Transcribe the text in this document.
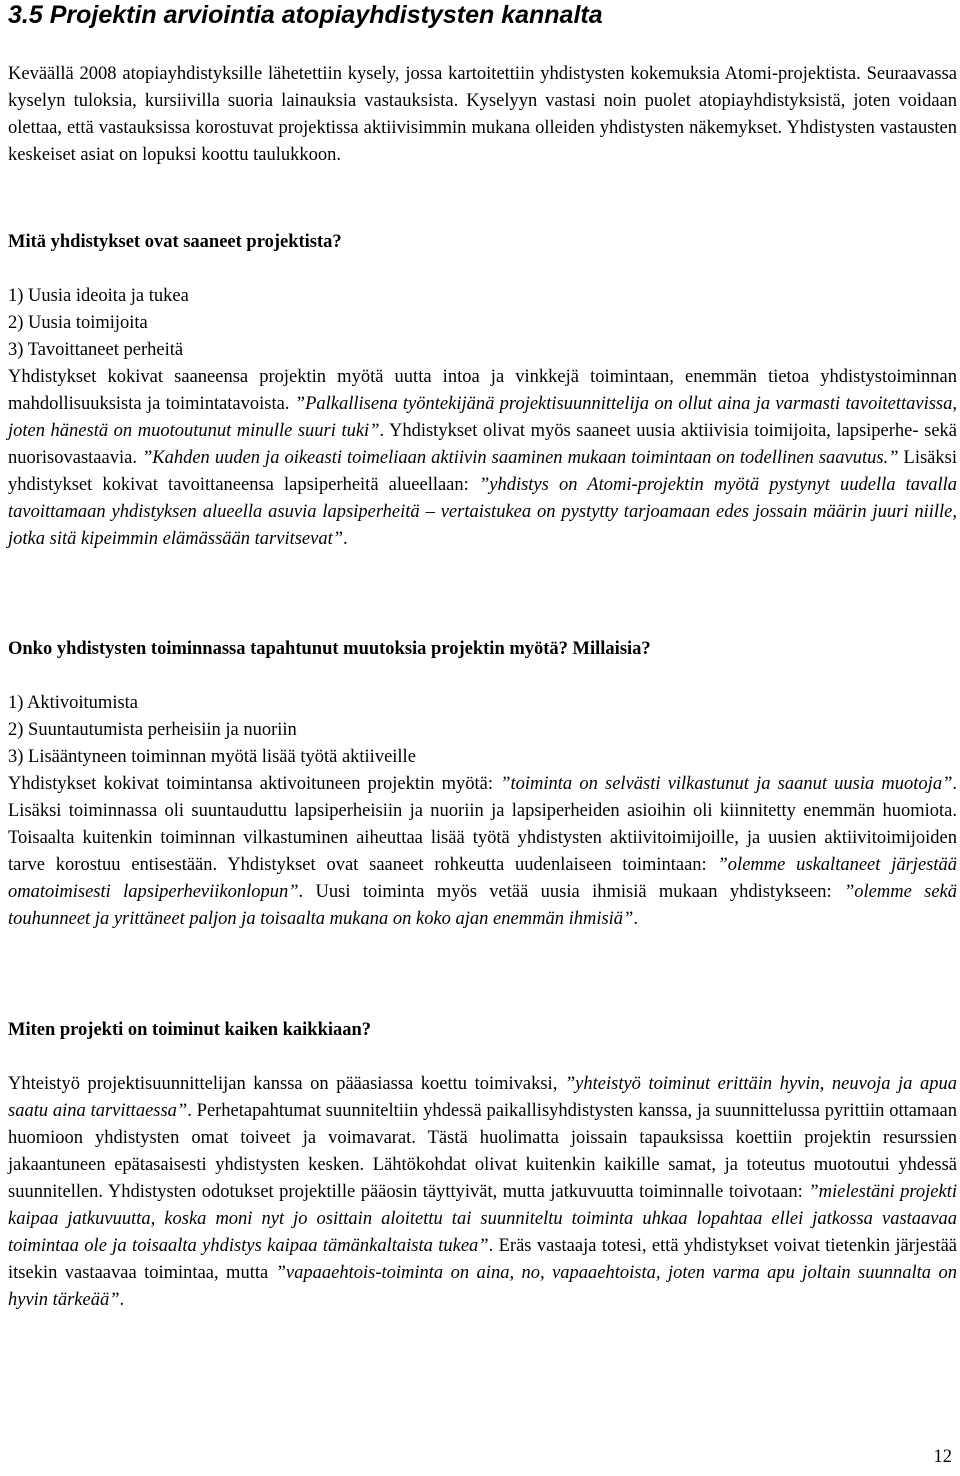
3.5 Projektin arviointia atopiayhdistysten kannalta

Keväällä 2008 atopiayhdistyksille lähetettiin kysely, jossa kartoitettiin yhdistysten kokemuksia Atomi-projektista. Seuraavassa kyselyn tuloksia, kursiivilla suoria lainauksia vastauksista. Kyselyyn vastasi noin puolet atopiayhdistyksistä, joten voidaan olettaa, että vastauksissa korostuvat projektissa aktiivisimmin mukana olleiden yhdistysten näkemykset. Yhdistysten vastausten keskeiset asiat on lopuksi koottu taulukkoon.

Mitä yhdistykset ovat saaneet projektista?

1) Uusia ideoita ja tukea

2) Uusia toimijoita

3) Tavoittaneet perheitä

Yhdistykset kokivat saaneensa projektin myötä uutta intoa ja vinkkejä toimintaan, enemmän tietoa yhdistystoiminnan mahdollisuuksista ja toimintatavoista. ”Palkallisena työntekijänä projektisuunnittelija on ollut aina ja varmasti tavoitettavissa, joten hänestä on muotoutunut minulle suuri tuki”. Yhdistykset olivat myös saaneet uusia aktiivisia toimijoita, lapsiperhe- sekä nuorisovastaavia. ”Kahden uuden ja oikeasti toimeliaan aktiivin saaminen mukaan toimintaan on todellinen saavutus.” Lisäksi yhdistykset kokivat tavoittaneensa lapsiperheitä alueellaan: ”yhdistys on Atomi-projektin myötä pystynyt uudella tavalla tavoittamaan yhdistyksen alueella asuvia lapsiperheitä – vertaistukea on pystytty tarjoamaan edes jossain määrin juuri niille, jotka sitä kipeimmin elämässään tarvitsevat”.

Onko yhdistysten toiminnassa tapahtunut muutoksia projektin myötä? Millaisia?

1) Aktivoitumista

2) Suuntautumista perheisiin ja nuoriin

3) Lisääntyneen toiminnan myötä lisää työtä aktiiveille

Yhdistykset kokivat toimintansa aktivoituneen projektin myötä: ”toiminta on selvästi vilkastunut ja saanut uusia muotoja”. Lisäksi toiminnassa oli suuntauduttu lapsiperheisiin ja nuoriin ja lapsiperheiden asioihin oli kiinnitetty enemmän huomiota. Toisaalta kuitenkin toiminnan vilkastuminen aiheuttaa lisää työtä yhdistysten aktiivitoimijoille, ja uusien aktiivitoimijoiden tarve korostuu entisestään. Yhdistykset ovat saaneet rohkeutta uudenlaiseen toimintaan: ”olemme uskaltaneet järjestää omatoimisesti lapsiperheviikonlopun”. Uusi toiminta myös vetää uusia ihmisiä mukaan yhdistykseen: ”olemme sekä touhunneet ja yrittäneet paljon ja toisaalta mukana on koko ajan enemmän ihmisiä”.

Miten projekti on toiminut kaiken kaikkiaan?

Yhteistyö projektisuunnittelijan kanssa on pääasiassa koettu toimivaksi, ”yhteistyö toiminut erittäin hyvin, neuvoja ja apua saatu aina tarvittaessa”. Perhetapahtumat suunniteltiin yhdessä paikallisyhdistysten kanssa, ja suunnittelussa pyrittiin ottamaan huomioon yhdistysten omat toiveet ja voimavarat. Tästä huolimatta joissain tapauksissa koettiin projektin resurssien jakaantuneen epätasaisesti yhdistysten kesken. Lähtökohdat olivat kuitenkin kaikille samat, ja toteutus muotoutui yhdessä suunnitellen. Yhdistysten odotukset projektille pääosin täyttyivät, mutta jatkuvuutta toiminnalle toivotaan: ”mielestäni projekti kaipaa jatkuvuutta, koska moni nyt jo osittain aloitettu tai suunniteltu toiminta uhkaa lopahtaa ellei jatkossa vastaavaa toimintaa ole ja toisaalta yhdistys kaipaa tämänkaltaista tukea”. Eräs vastaaja totesi, että yhdistykset voivat tietenkin järjestää itsekin vastaavaa toimintaa, mutta ”vapaaehtois-toiminta on aina, no, vapaaehtoista, joten varma apu joltain suunnalta on hyvin tärkeää”.

12
